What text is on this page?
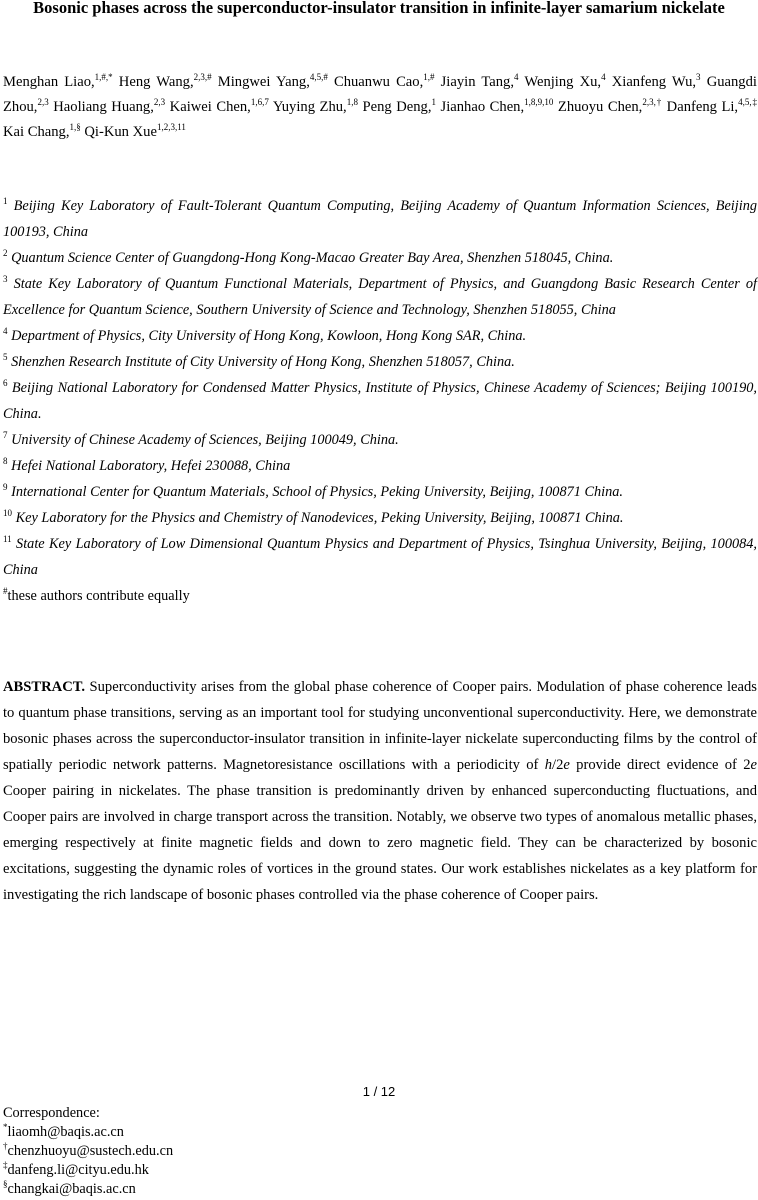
Bosonic phases across the superconductor-insulator transition in infinite-layer samarium nickelate
Menghan Liao,$^{1,\#,*}$ Heng Wang,$^{2,3,\#}$ Mingwei Yang,$^{4,5,\#}$ Chuanwu Cao,$^{1,\#}$ Jiayin Tang,$^4$ Wenjing Xu,$^4$ Xianfeng Wu,$^3$ Guangdi Zhou,$^{2,3}$ Haoliang Huang,$^{2,3}$ Kaiwei Chen,$^{1,6,7}$ Yuying Zhu,$^{1,8}$ Peng Deng,$^1$ Jianhao Chen,$^{1,8,9,10}$ Zhuoyu Chen,$^{2,3,\dagger}$ Danfeng Li,$^{4,5,\ddagger}$ Kai Chang,$^{1,\S}$ Qi-Kun Xue$^{1,2,3,11}$

$^1$ Beijing Key Laboratory of Fault-Tolerant Quantum Computing, Beijing Academy of Quantum Information Sciences, Beijing 100193, China

$^2$ Quantum Science Center of Guangdong-Hong Kong-Macao Greater Bay Area, Shenzhen 518045, China.

$^3$ State Key Laboratory of Quantum Functional Materials, Department of Physics, and Guangdong Basic Research Center of Excellence for Quantum Science, Southern University of Science and Technology, Shenzhen 518055, China

$^4$ Department of Physics, City University of Hong Kong, Kowloon, Hong Kong SAR, China.

$^5$ Shenzhen Research Institute of City University of Hong Kong, Shenzhen 518057, China.

$^6$ Beijing National Laboratory for Condensed Matter Physics, Institute of Physics, Chinese Academy of Sciences; Beijing 100190, China.

$^7$ University of Chinese Academy of Sciences, Beijing 100049, China.

$^8$ Hefei National Laboratory, Hefei 230088, China

$^9$ International Center for Quantum Materials, School of Physics, Peking University, Beijing, 100871 China.

$^{10}$ Key Laboratory for the Physics and Chemistry of Nanodevices, Peking University, Beijing, 100871 China.

$^{11}$ State Key Laboratory of Low Dimensional Quantum Physics and Department of Physics, Tsinghua University, Beijing, 100084, China

#these authors contribute equally

ABSTRACT. Superconductivity arises from the global phase coherence of Cooper pairs. Modulation of phase coherence leads to quantum phase transitions, serving as an important tool for studying unconventional superconductivity. Here, we demonstrate bosonic phases across the superconductor-insulator transition in infinite-layer nickelate superconducting films by the control of spatially periodic network patterns. Magnetoresistance oscillations with a periodicity of h/2e provide direct evidence of 2e Cooper pairing in nickelates. The phase transition is predominantly driven by enhanced superconducting fluctuations, and Cooper pairs are involved in charge transport across the transition. Notably, we observe two types of anomalous metallic phases, emerging respectively at finite magnetic fields and down to zero magnetic field. They can be characterized by bosonic excitations, suggesting the dynamic roles of vortices in the ground states. Our work establishes nickelates as a key platform for investigating the rich landscape of bosonic phases controlled via the phase coherence of Cooper pairs.
1 / 12
Correspondence:
*liaomh@baqis.ac.cn
†chenzhuoyu@sustech.edu.cn
‡danfeng.li@cityu.edu.hk
§changkai@baqis.ac.cn
